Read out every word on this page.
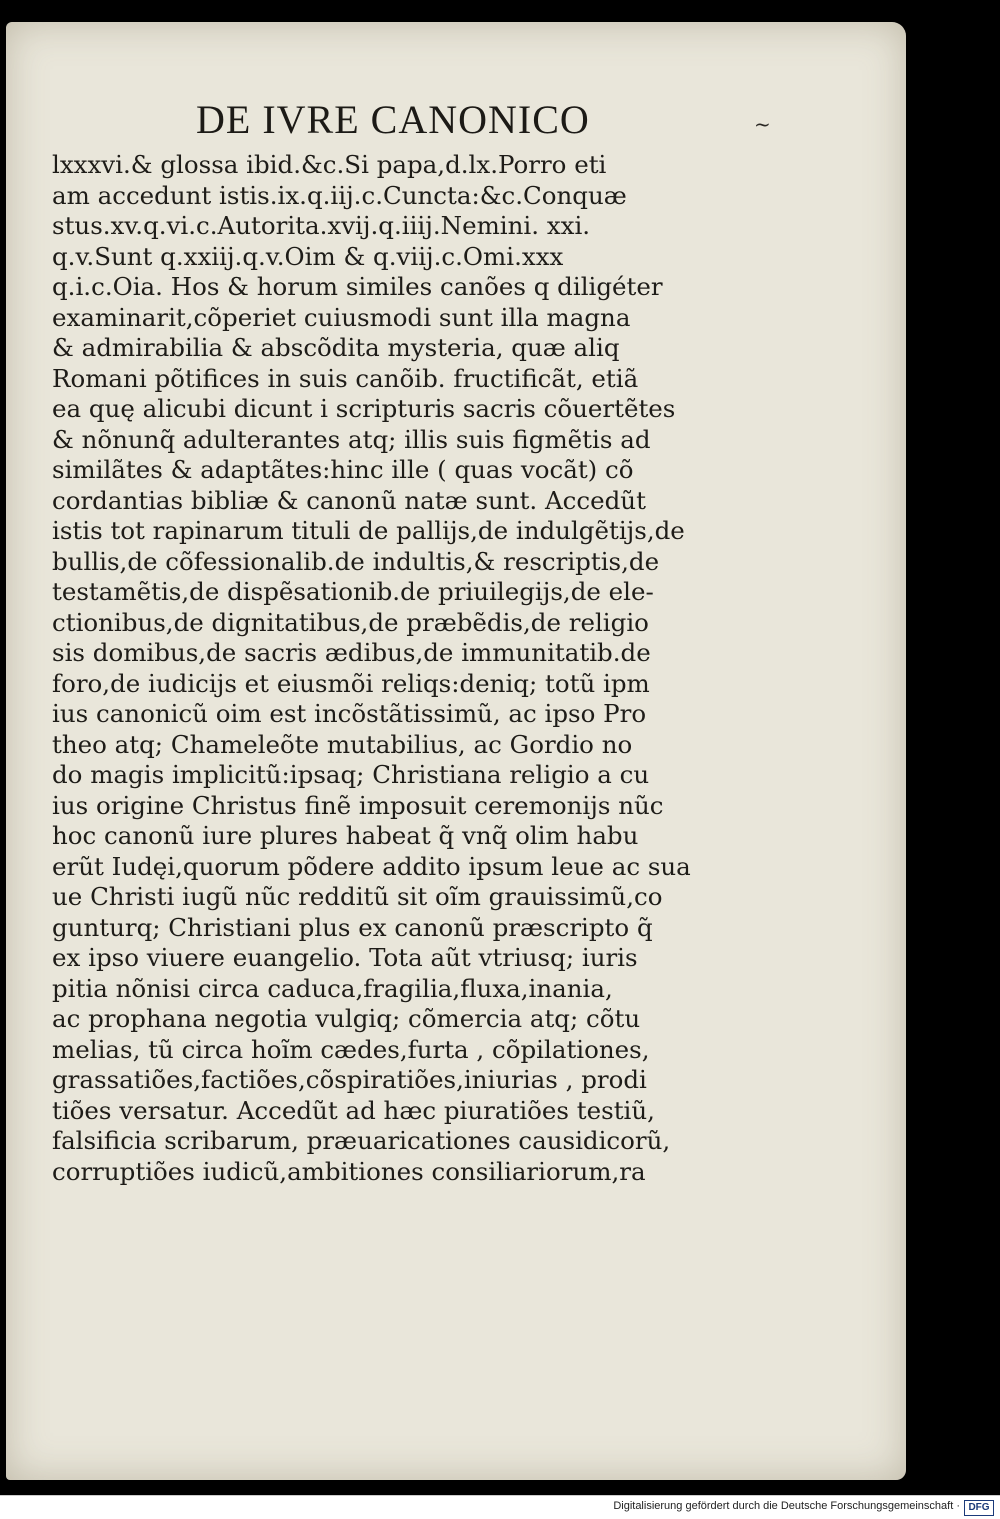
DE IVRE CANONICO	~
lxxxvi.& glossa ibid.&c.Si papa,d.lx.Porro eti
am accedunt istis.ix.q.iij.c.Cuncta:&c.Conquæ
stus.xv.q.vi.c.Autorita.xvij.q.iiij.Nemini. xxi.
q.v.Sunt q.xxiij.q.v.Oim & q.viij.c.Omi.xxx
q.i.c.Oia. Hos & horum similes canões q diligéter
examinarit,cõperiet cuiusmodi sunt illa magna
& admirabilia & abscõdita mysteria, quæ aliq
Romani põtifices in suis canõib. fructificãt, etiã
ea quę alicubi dicunt i scripturis sacris cõuertẽtes
& nõnunq̃ adulterantes atq; illis suis figmẽtis ad
similãtes & adaptãtes:hinc ille ( quas vocãt) cõ
cordantias bibliæ & canonũ natæ sunt. Accedũt
istis tot rapinarum tituli de pallijs,de indulgẽtijs,de
bullis,de cõfessionalib.de indultis,& rescriptis,de
testamẽtis,de dispẽsationib.de priuilegijs,de ele-
ctionibus,de dignitatibus,de præbẽdis,de religio
sis domibus,de sacris ædibus,de immunitatib.de
foro,de iudicijs et eiusmõi reliqs:deniq; totũ ipm
ius canonicũ oim est incõstãtissimũ, ac ipso Pro
theo atq; Chameleõte mutabilius, ac Gordio no
do magis implicitũ:ipsaq; Christiana religio a cu
ius origine Christus finẽ imposuit ceremonijs nũc
hoc canonũ iure plures habeat q̃ vnq̃ olim habu
erũt Iudęi,quorum põdere addito ipsum leue ac sua
ue Christi iugũ nũc redditũ sit oĩm grauissimũ,co
gunturq; Christiani plus ex canonũ præscripto q̃
ex ipso viuere euangelio. Tota aũt vtriusq; iuris
pitia nõnisi circa caduca,fragilia,fluxa,inania,
ac prophana negotia vulgiq; cõmercia atq; cõtu
melias, tũ circa hoĩm cædes,furta , cõpilationes,
grassatiões,factiões,cõspiratiões,iniurias , prodi
tiões versatur. Accedũt ad hæc piuratiões testiũ,
falsificia scribarum, præuaricationes causidicorũ,
corruptiões iudicũ,ambitiones consiliariorum,ra
Digitalisierung gefördert durch die Deutsche Forschungsgemeinschaft · DFG
